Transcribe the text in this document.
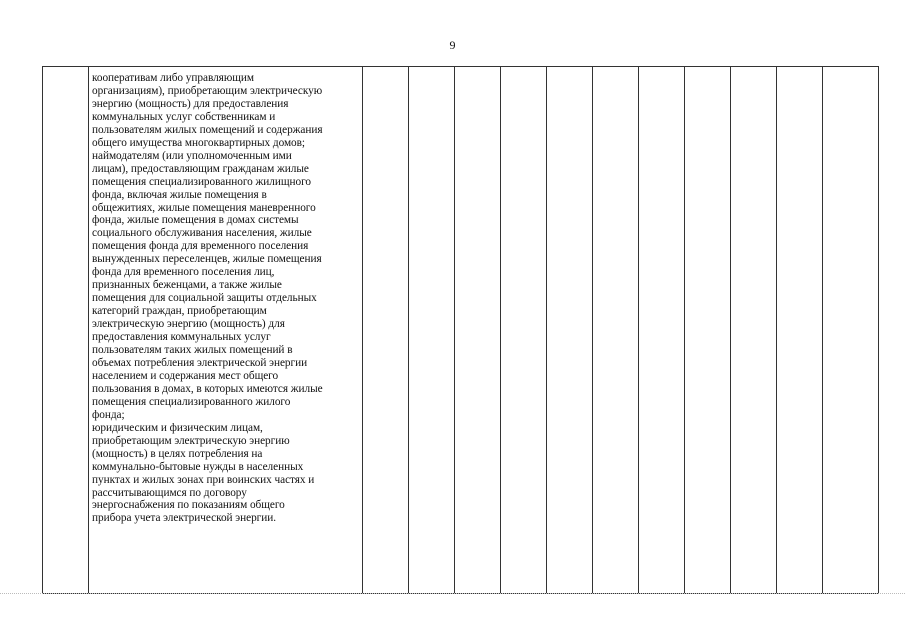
9
	кооперативам либо управляющим
организациям), приобретающим электрическую
энергию (мощность) для предоставления
коммунальных услуг собственникам и
пользователям жилых помещений и содержания
общего имущества многоквартирных домов;
наймодателям (или уполномоченным ими
лицам), предоставляющим гражданам жилые
помещения специализированного жилищного
фонда, включая жилые помещения в
общежитиях, жилые помещения маневренного
фонда, жилые помещения в домах системы
социального обслуживания населения, жилые
помещения фонда для временного поселения
вынужденных переселенцев, жилые помещения
фонда для временного поселения лиц,
признанных беженцами, а также жилые
помещения для социальной защиты отдельных
категорий граждан, приобретающим
электрическую энергию (мощность) для
предоставления коммунальных услуг
пользователям таких жилых помещений в
объемах потребления электрической энергии
населением и содержания мест общего
пользования в домах, в которых имеются жилые
помещения специализированного жилого
фонда;
юридическим и физическим лицам,
приобретающим электрическую энергию
(мощность) в целях потребления на
коммунально-бытовые нужды в населенных
пунктах и жилых зонах при воинских частях и
рассчитывающимся по договору
энергоснабжения по показаниям общего
прибора учета электрической энергии.											
